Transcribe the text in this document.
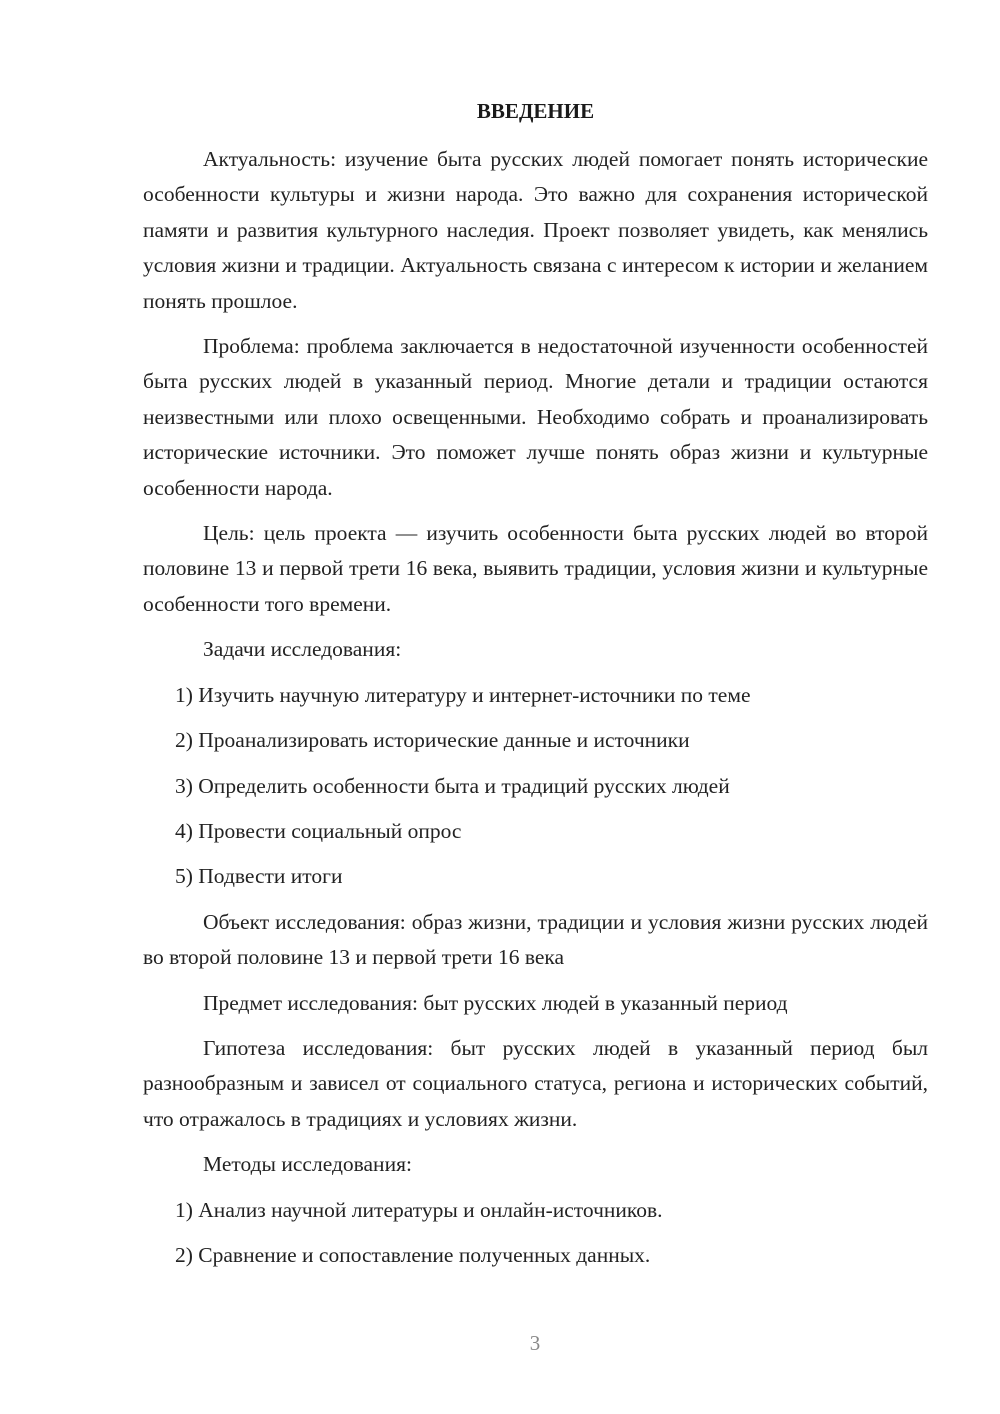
ВВЕДЕНИЕ

Актуальность: изучение быта русских людей помогает понять исторические особенности культуры и жизни народа. Это важно для сохранения исторической памяти и развития культурного наследия. Проект позволяет увидеть, как менялись условия жизни и традиции. Актуальность связана с интересом к истории и желанием понять прошлое.

Проблема: проблема заключается в недостаточной изученности особенностей быта русских людей в указанный период. Многие детали и традиции остаются неизвестными или плохо освещенными. Необходимо собрать и проанализировать исторические источники. Это поможет лучше понять образ жизни и культурные особенности народа.

Цель: цель проекта — изучить особенности быта русских людей во второй половине 13 и первой трети 16 века, выявить традиции, условия жизни и культурные особенности того времени.

Задачи исследования:

1) Изучить научную литературу и интернет-источники по теме

2) Проанализировать исторические данные и источники

3) Определить особенности быта и традиций русских людей

4) Провести социальный опрос

5) Подвести итоги

Объект исследования: образ жизни, традиции и условия жизни русских людей во второй половине 13 и первой трети 16 века

Предмет исследования: быт русских людей в указанный период

Гипотеза исследования: быт русских людей в указанный период был разнообразным и зависел от социального статуса, региона и исторических событий, что отражалось в традициях и условиях жизни.

Методы исследования:

1) Анализ научной литературы и онлайн-источников.

2) Сравнение и сопоставление полученных данных.

3
